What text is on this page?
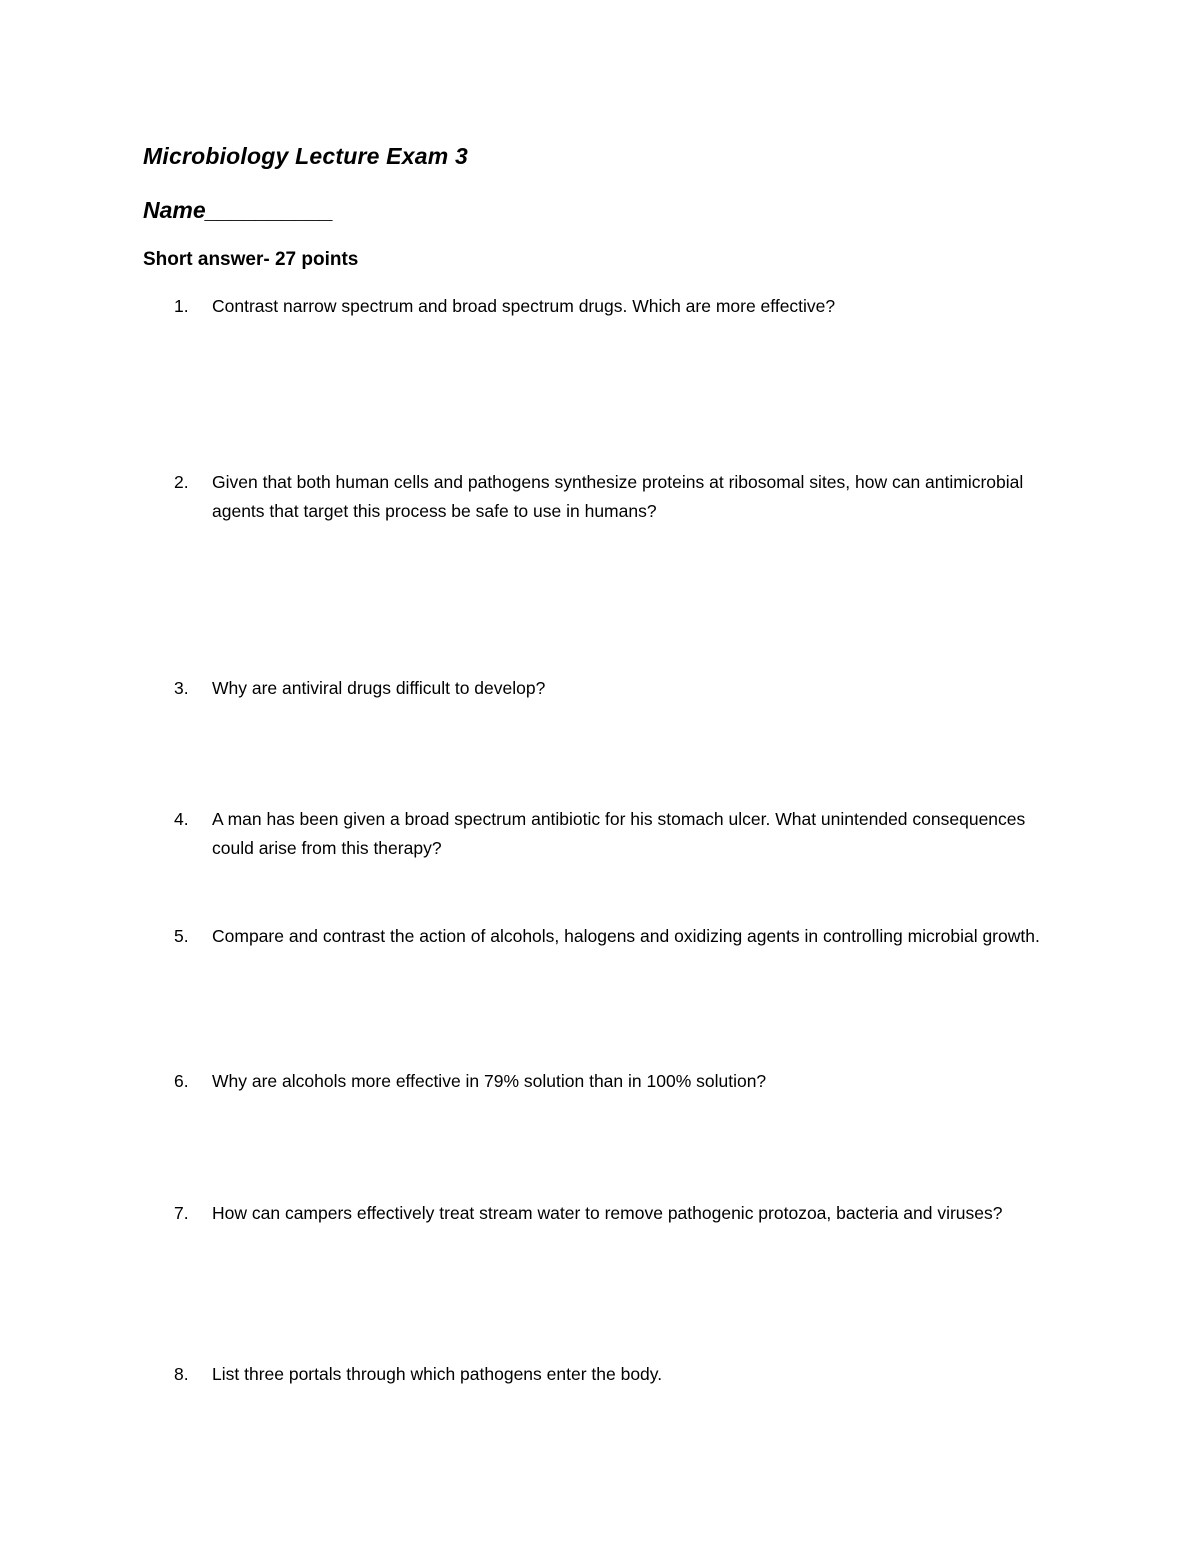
Microbiology Lecture Exam 3
Name__________
Short answer- 27 points
1. Contrast narrow spectrum and broad spectrum drugs. Which are more effective?
2. Given that both human cells and pathogens synthesize proteins at ribosomal sites, how can antimicrobial agents that target this process be safe to use in humans?
3. Why are antiviral drugs difficult to develop?
4. A man has been given a broad spectrum antibiotic for his stomach ulcer. What unintended consequences could arise from this therapy?
5. Compare and contrast the action of alcohols, halogens and oxidizing agents in controlling microbial growth.
6. Why are alcohols more effective in 79% solution than in 100% solution?
7. How can campers effectively treat stream water to remove pathogenic protozoa, bacteria and viruses?
8. List three portals through which pathogens enter the body.
